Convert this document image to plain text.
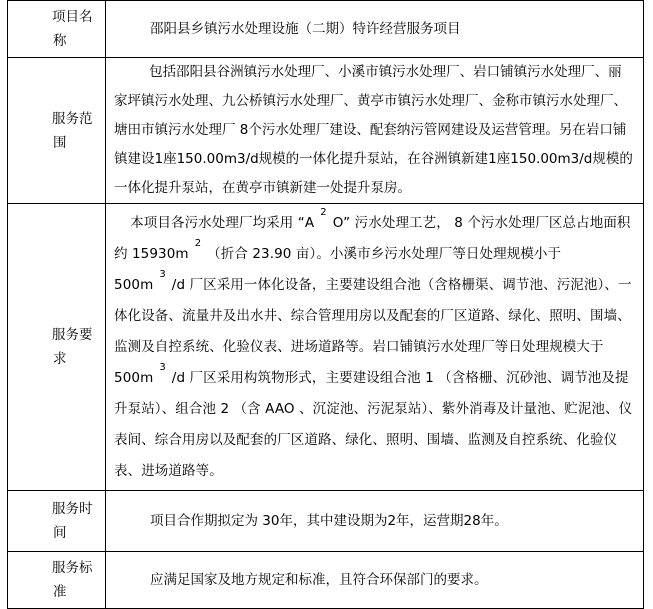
项目名
称	邵阳县乡镇污水处理设施（二期）特许经营服务项目

服务范
围	包括邵阳县谷洲镇污水处理厂、小溪市镇污水处理厂、岩口铺镇污水处理厂、丽家坪镇污水处理、九公桥镇污水处理厂、黄亭市镇污水处理厂、金称市镇污水处理厂、塘田市镇污水处理厂 8个污水处理厂建设、配套纳污管网建设及运营管理。另在岩口铺镇建设1座150.00m3/d规模的一体化提升泵站，在谷洲镇新建1座150.00m3/d规模的一体化提升泵站，在黄亭市镇新建一处提升泵房。

服务要
求	本项目各污水处理厂均采用 “$A^2O$” 污水处理工艺， 8 个污水处理厂区总占地面积约 $15930m^2$（折合 23.90 亩）。小溪市乡污水处理厂等日处理规模小于 $500m^3/d$ 厂区采用一体化设备，主要建设组合池（含格栅渠、调节池、污泥池）、一体化设备、流量井及出水井、综合管理用房以及配套的厂区道路、绿化、照明、围墙、监测及自控系统、化验仪表、进场道路等。岩口铺镇污水处理厂等日处理规模大于 $500m^3/d$ 厂区采用构筑物形式，主要建设组合池 1 （含格栅、沉砂池、调节池及提升泵站）、组合池 2 （含 AAO 、沉淀池、污泥泵站）、紫外消毒及计量池、贮泥池、仪表间、综合用房以及配套的厂区道路、绿化、照明、围墙、监测及自控系统、化验仪表、进场道路等。

服务时
间	项目合作期拟定为 30年，其中建设期为2年，运营期28年。

服务标
准	应满足国家及地方规定和标准，且符合环保部门的要求。
